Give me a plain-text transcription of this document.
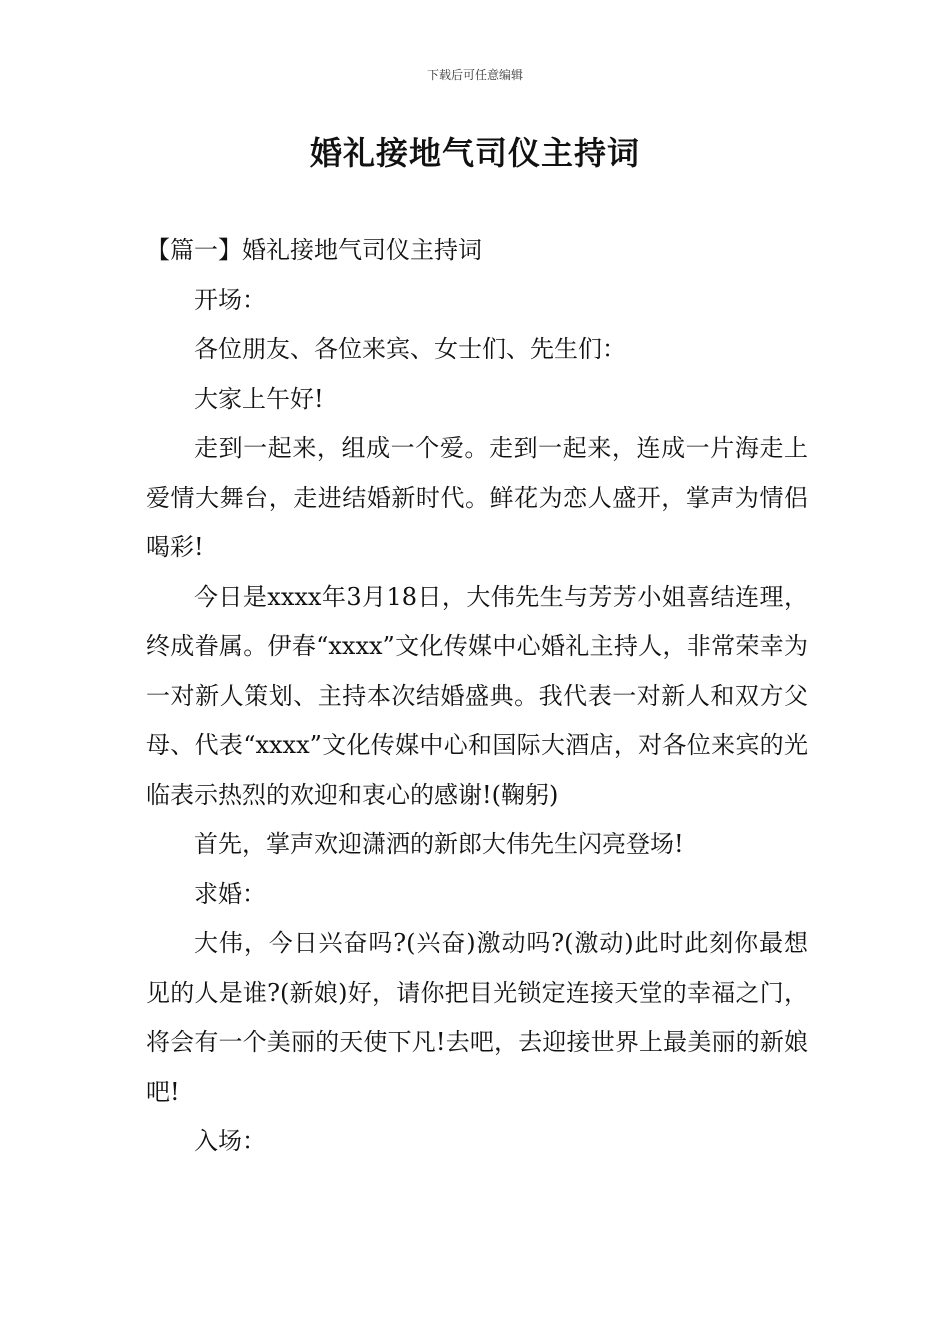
下载后可任意编辑
婚礼接地气司仪主持词
【篇一】婚礼接地气司仪主持词

开场：

各位朋友、各位来宾、女士们、先生们：

大家上午好!

走到一起来，组成一个爱。走到一起来，连成一片海走上爱情大舞台，走进结婚新时代。鲜花为恋人盛开，掌声为情侣喝彩!

今日是xxxx年3月18日，大伟先生与芳芳小姐喜结连理，终成眷属。伊春“xxxx”文化传媒中心婚礼主持人，非常荣幸为一对新人策划、主持本次结婚盛典。我代表一对新人和双方父母、代表“xxxx”文化传媒中心和国际大酒店，对各位来宾的光临表示热烈的欢迎和衷心的感谢!(鞠躬)

首先，掌声欢迎潇洒的新郎大伟先生闪亮登场!

求婚：

大伟，今日兴奋吗?(兴奋)激动吗?(激动)此时此刻你最想见的人是谁?(新娘)好，请你把目光锁定连接天堂的幸福之门，将会有一个美丽的天使下凡!去吧，去迎接世界上最美丽的新娘吧!

入场：
